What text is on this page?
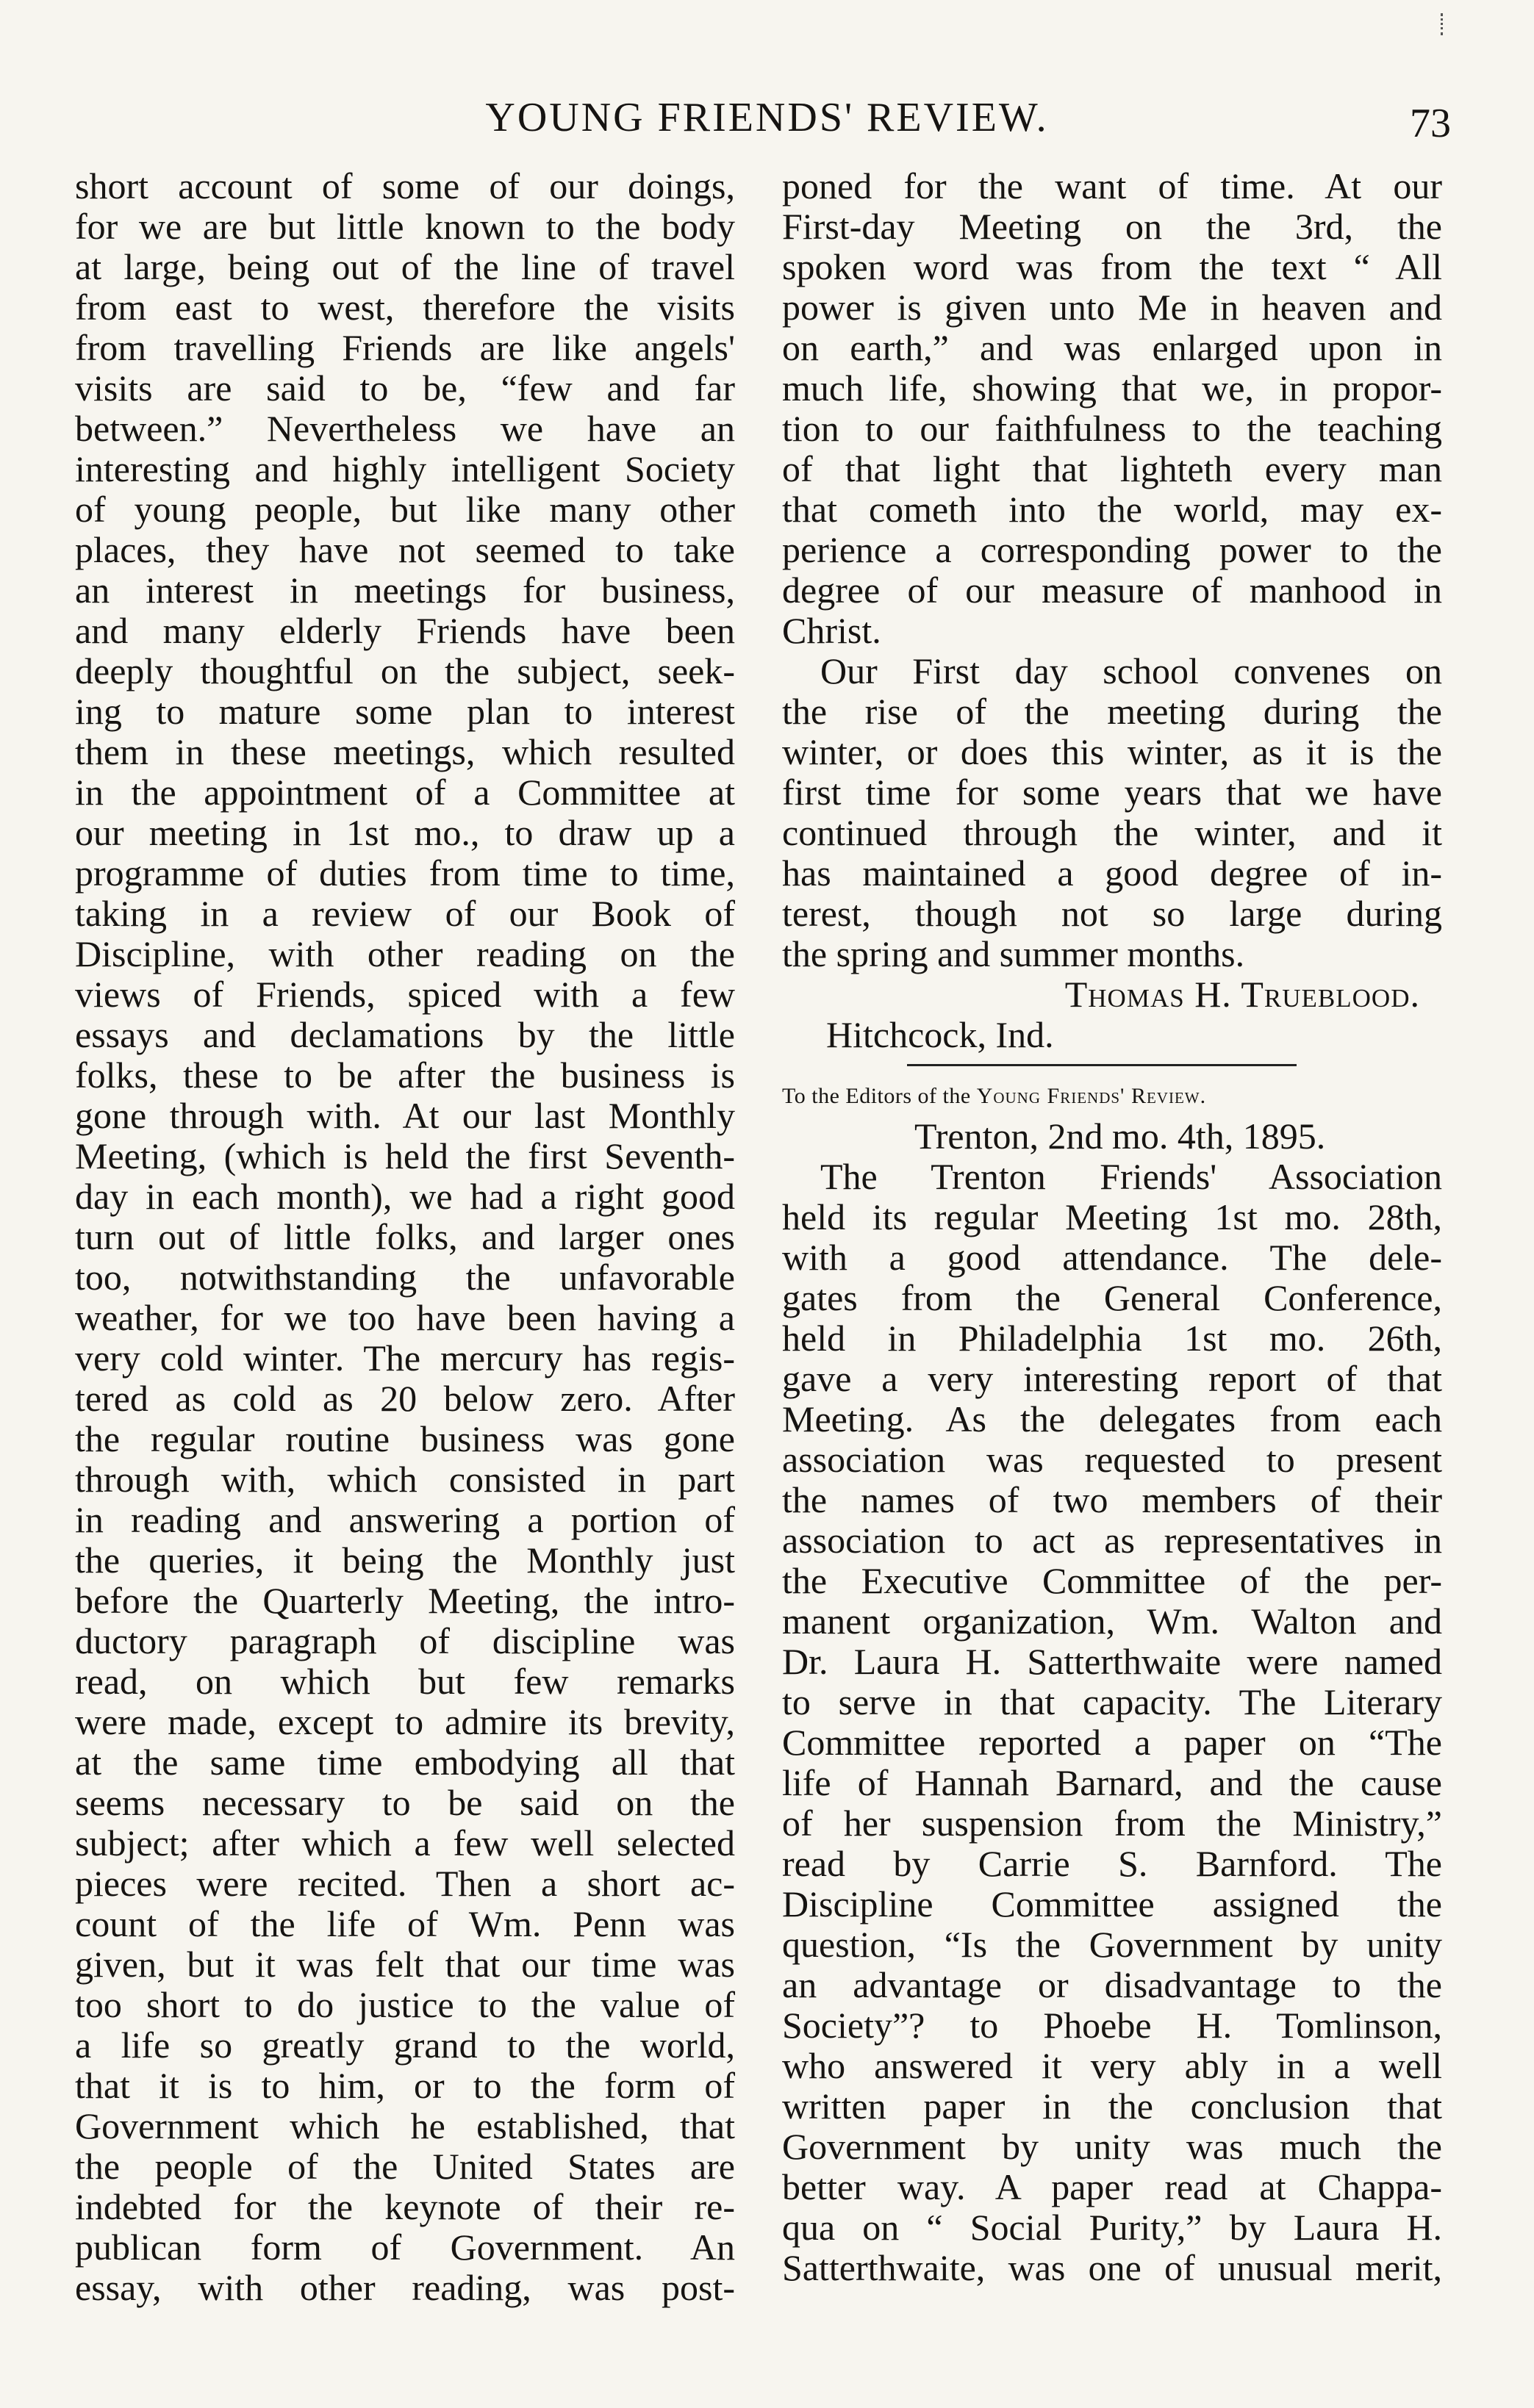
YOUNG FRIENDS' REVIEW.	73
short account of some of our doings,
for we are but little known to the body
at large, being out of the line of travel
from east to west, therefore the visits
from travelling Friends are like angels'
visits are said to be, “few and far
between.” Nevertheless we have an
interesting and highly intelligent Society
of young people, but like many other
places, they have not seemed to take
an interest in meetings for business,
and many elderly Friends have been
deeply thoughtful on the subject, seek-
ing to mature some plan to interest
them in these meetings, which resulted
in the appointment of a Committee at
our meeting in 1st mo., to draw up a
programme of duties from time to time,
taking in a review of our Book of
Discipline, with other reading on the
views of Friends, spiced with a few
essays and declamations by the little
folks, these to be after the business is
gone through with. At our last Monthly
Meeting, (which is held the first Seventh-
day in each month), we had a right good
turn out of little folks, and larger ones
too, notwithstanding the unfavorable
weather, for we too have been having a
very cold winter. The mercury has regis-
tered as cold as 20 below zero. After
the regular routine business was gone
through with, which consisted in part
in reading and answering a portion of
the queries, it being the Monthly just
before the Quarterly Meeting, the intro-
ductory paragraph of discipline was
read, on which but few remarks
were made, except to admire its brevity,
at the same time embodying all that
seems necessary to be said on the
subject; after which a few well selected
pieces were recited. Then a short ac-
count of the life of Wm. Penn was
given, but it was felt that our time was
too short to do justice to the value of
a life so greatly grand to the world,
that it is to him, or to the form of
Government which he established, that
the people of the United States are
indebted for the keynote of their re-
publican form of Government. An
essay, with other reading, was post-
poned for the want of time. At our
First-day Meeting on the 3rd, the
spoken word was from the text “ All
power is given unto Me in heaven and
on earth,” and was enlarged upon in
much life, showing that we, in propor-
tion to our faithfulness to the teaching
of that light that lighteth every man
that cometh into the world, may ex-
perience a corresponding power to the
degree of our measure of manhood in
Christ.
Our First day school convenes on
the rise of the meeting during the
winter, or does this winter, as it is the
first time for some years that we have
continued through the winter, and it
has maintained a good degree of in-
terest, though not so large during
the spring and summer months.
Thomas H. Trueblood.
Hitchcock, Ind.
To the Editors of the Young Friends' Review.
Trenton, 2nd mo. 4th, 1895.
The Trenton Friends' Association
held its regular Meeting 1st mo. 28th,
with a good attendance. The dele-
gates from the General Conference,
held in Philadelphia 1st mo. 26th,
gave a very interesting report of that
Meeting. As the delegates from each
association was requested to present
the names of two members of their
association to act as representatives in
the Executive Committee of the per-
manent organization, Wm. Walton and
Dr. Laura H. Satterthwaite were named
to serve in that capacity. The Literary
Committee reported a paper on “The
life of Hannah Barnard, and the cause
of her suspension from the Ministry,”
read by Carrie S. Barnford. The
Discipline Committee assigned the
question, “Is the Government by unity
an advantage or disadvantage to the
Society”? to Phoebe H. Tomlinson,
who answered it very ably in a well
written paper in the conclusion that
Government by unity was much the
better way. A paper read at Chappa-
qua on “ Social Purity,” by Laura H.
Satterthwaite, was one of unusual merit,
